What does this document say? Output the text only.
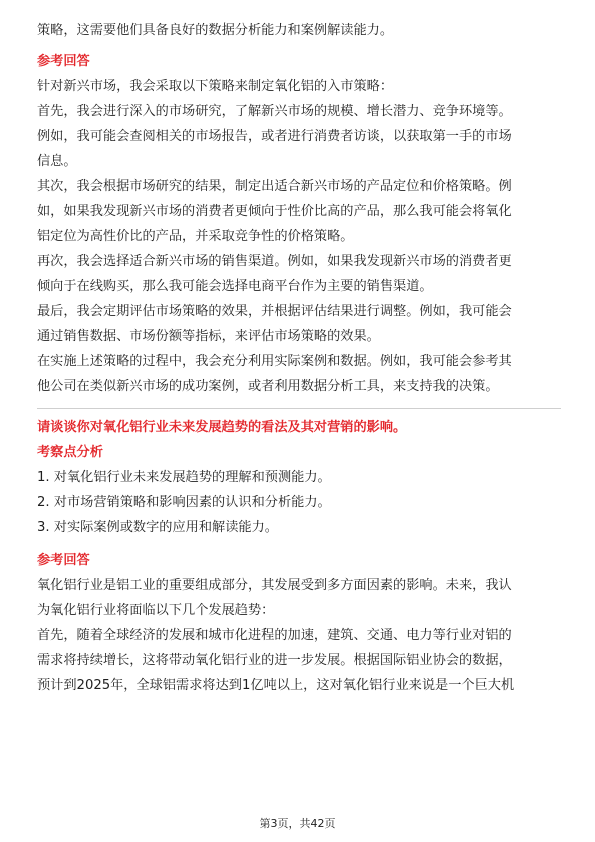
策略，这需要他们具备良好的数据分析能力和案例解读能力。

参考回答

针对新兴市场，我会采取以下策略来制定氧化铝的入市策略：

首先，我会进行深入的市场研究，了解新兴市场的规模、增长潜力、竞争环境等。

例如，我可能会查阅相关的市场报告，或者进行消费者访谈，以获取第一手的市场

信息。

其次，我会根据市场研究的结果，制定出适合新兴市场的产品定位和价格策略。例

如，如果我发现新兴市场的消费者更倾向于性价比高的产品，那么我可能会将氧化

铝定位为高性价比的产品，并采取竞争性的价格策略。

再次，我会选择适合新兴市场的销售渠道。例如，如果我发现新兴市场的消费者更

倾向于在线购买，那么我可能会选择电商平台作为主要的销售渠道。

最后，我会定期评估市场策略的效果，并根据评估结果进行调整。例如，我可能会

通过销售数据、市场份额等指标，来评估市场策略的效果。

在实施上述策略的过程中，我会充分利用实际案例和数据。例如，我可能会参考其

他公司在类似新兴市场的成功案例，或者利用数据分析工具，来支持我的决策。

请谈谈你对氧化铝行业未来发展趋势的看法及其对营销的影响。

考察点分析

1. 对氧化铝行业未来发展趋势的理解和预测能力。

2. 对市场营销策略和影响因素的认识和分析能力。

3. 对实际案例或数字的应用和解读能力。

参考回答

氧化铝行业是铝工业的重要组成部分，其发展受到多方面因素的影响。未来，我认

为氧化铝行业将面临以下几个发展趋势：

首先，随着全球经济的发展和城市化进程的加速，建筑、交通、电力等行业对铝的

需求将持续增长，这将带动氧化铝行业的进一步发展。根据国际铝业协会的数据，

预计到2025年，全球铝需求将达到1亿吨以上，这对氧化铝行业来说是一个巨大机

第3页，共42页
